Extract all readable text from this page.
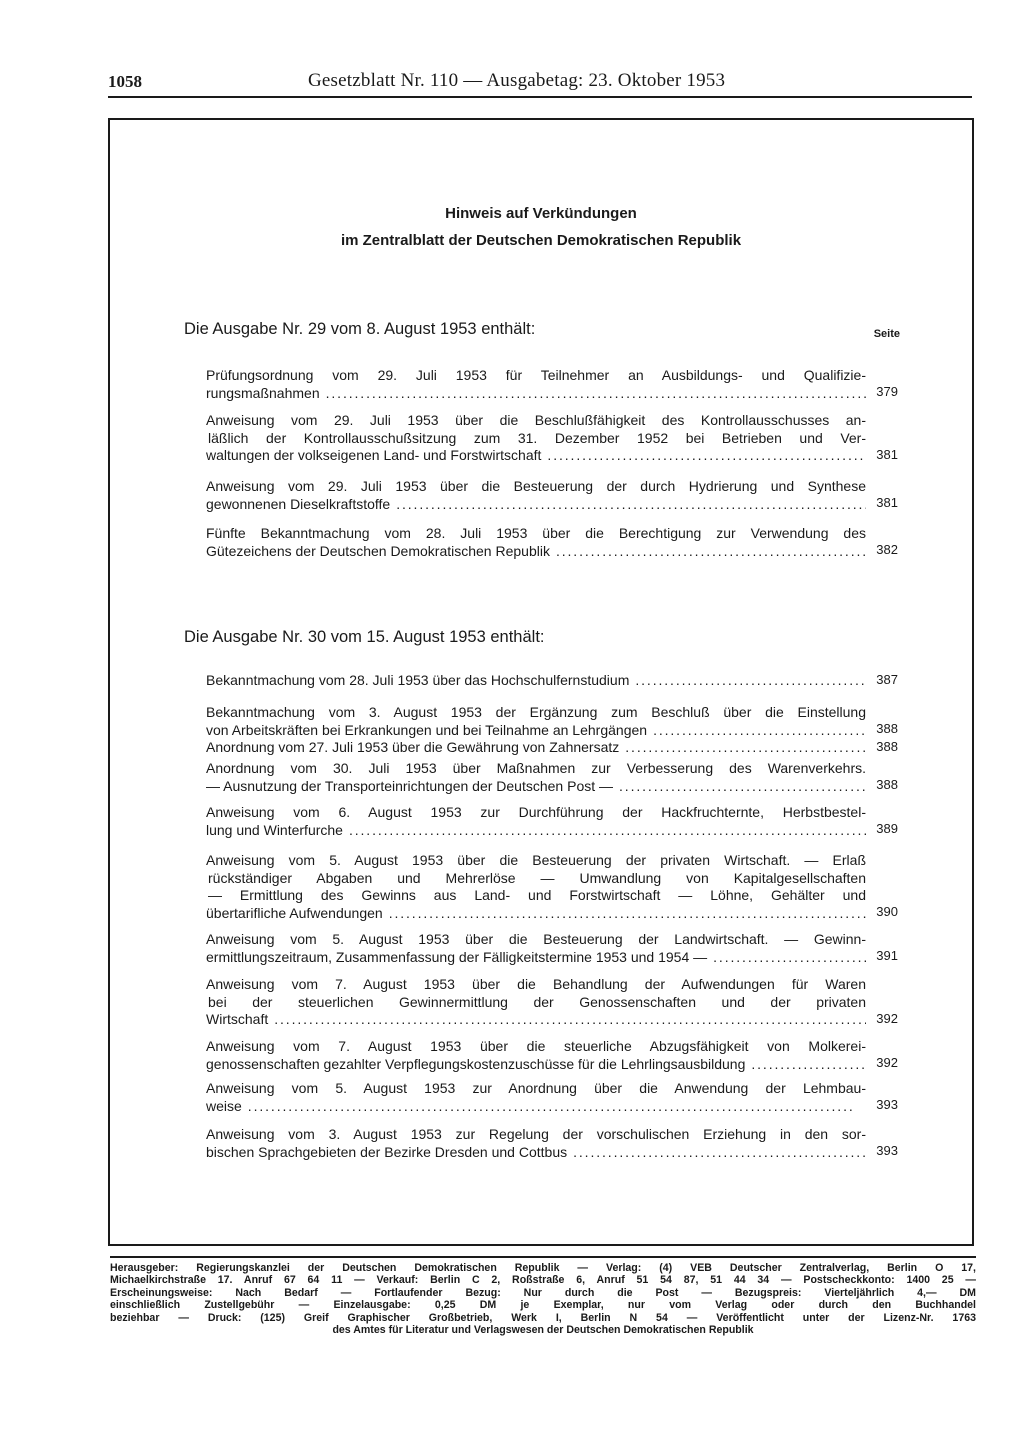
1058	Gesetzblatt Nr. 110 — Ausgabetag: 23. Oktober 1953
Hinweis auf Verkündungen
im Zentralblatt der Deutschen Demokratischen Republik
Seite
Die Ausgabe Nr. 29 vom 8. August 1953 enthält:
Prüfungsordnung vom 29. Juli 1953 für Teilnehmer an Ausbildungs- und Qualifizie-
rungsmaßnahmen . . .	379
Anweisung vom 29. Juli 1953 über die Beschlußfähigkeit des Kontrollausschusses an-
läßlich der Kontrollausschußsitzung zum 31. Dezember 1952 bei Betrieben und Ver-
waltungen der volkseigenen Land- und Forstwirtschaft . . .	381
Anweisung vom 29. Juli 1953 über die Besteuerung der durch Hydrierung und Synthese
gewonnenen Dieselkraftstoffe . . .	381
Fünfte Bekanntmachung vom 28. Juli 1953 über die Berechtigung zur Verwendung des
Gütezeichens der Deutschen Demokratischen Republik . . .	382
Die Ausgabe Nr. 30 vom 15. August 1953 enthält:
Bekanntmachung vom 28. Juli 1953 über das Hochschulfernstudium . . .	387
Bekanntmachung vom 3. August 1953 der Ergänzung zum Beschluß über die Einstellung
von Arbeitskräften bei Erkrankungen und bei Teilnahme an Lehrgängen . . .	388
Anordnung vom 27. Juli 1953 über die Gewährung von Zahnersatz . . .	388
Anordnung vom 30. Juli 1953 über Maßnahmen zur Verbesserung des Warenverkehrs.
— Ausnutzung der Transporteinrichtungen der Deutschen Post — . . .	388
Anweisung vom 6. August 1953 zur Durchführung der Hackfruchternte, Herbstbestel-
lung und Winterfurche . . .	389
Anweisung vom 5. August 1953 über die Besteuerung der privaten Wirtschaft. — Erlaß
rückständiger Abgaben und Mehrerlöse — Umwandlung von Kapitalgesellschaften
— Ermittlung des Gewinns aus Land- und Forstwirtschaft — Löhne, Gehälter und
übertarifliche Aufwendungen . . .	390
Anweisung vom 5. August 1953 über die Besteuerung der Landwirtschaft. — Gewinn-
ermittlungszeitraum, Zusammenfassung der Fälligkeitstermine 1953 und 1954 — . . .	391
Anweisung vom 7. August 1953 über die Behandlung der Aufwendungen für Waren
bei der steuerlichen Gewinnermittlung der Genossenschaften und der privaten
Wirtschaft . . .	392
Anweisung vom 7. August 1953 über die steuerliche Abzugsfähigkeit von Molkerei-
genossenschaften gezahlter Verpflegungskostenzuschüsse für die Lehrlingsausbildung . . .	392
Anweisung vom 5. August 1953 zur Anordnung über die Anwendung der Lehmbau-
weise . . .	393
Anweisung vom 3. August 1953 zur Regelung der vorschulischen Erziehung in den sor-
bischen Sprachgebieten der Bezirke Dresden und Cottbus . . .	393
Herausgeber: Regierungskanzlei der Deutschen Demokratischen Republik — Verlag: (4) VEB Deutscher Zentralverlag, Berlin O 17,
Michaelkirchstraße 17. Anruf 67 64 11 — Verkauf: Berlin C 2, Roßstraße 6, Anruf 51 54 87, 51 44 34 — Postscheckkonto: 1400 25 —
Erscheinungsweise: Nach Bedarf — Fortlaufender Bezug: Nur durch die Post — Bezugspreis: Vierteljährlich 4,— DM
einschließlich Zustellgebühr — Einzelausgabe: 0,25 DM je Exemplar, nur vom Verlag oder durch den Buchhandel
beziehbar — Druck: (125) Greif Graphischer Großbetrieb, Werk I, Berlin N 54 — Veröffentlicht unter der Lizenz-Nr. 1763
des Amtes für Literatur und Verlagswesen der Deutschen Demokratischen Republik
